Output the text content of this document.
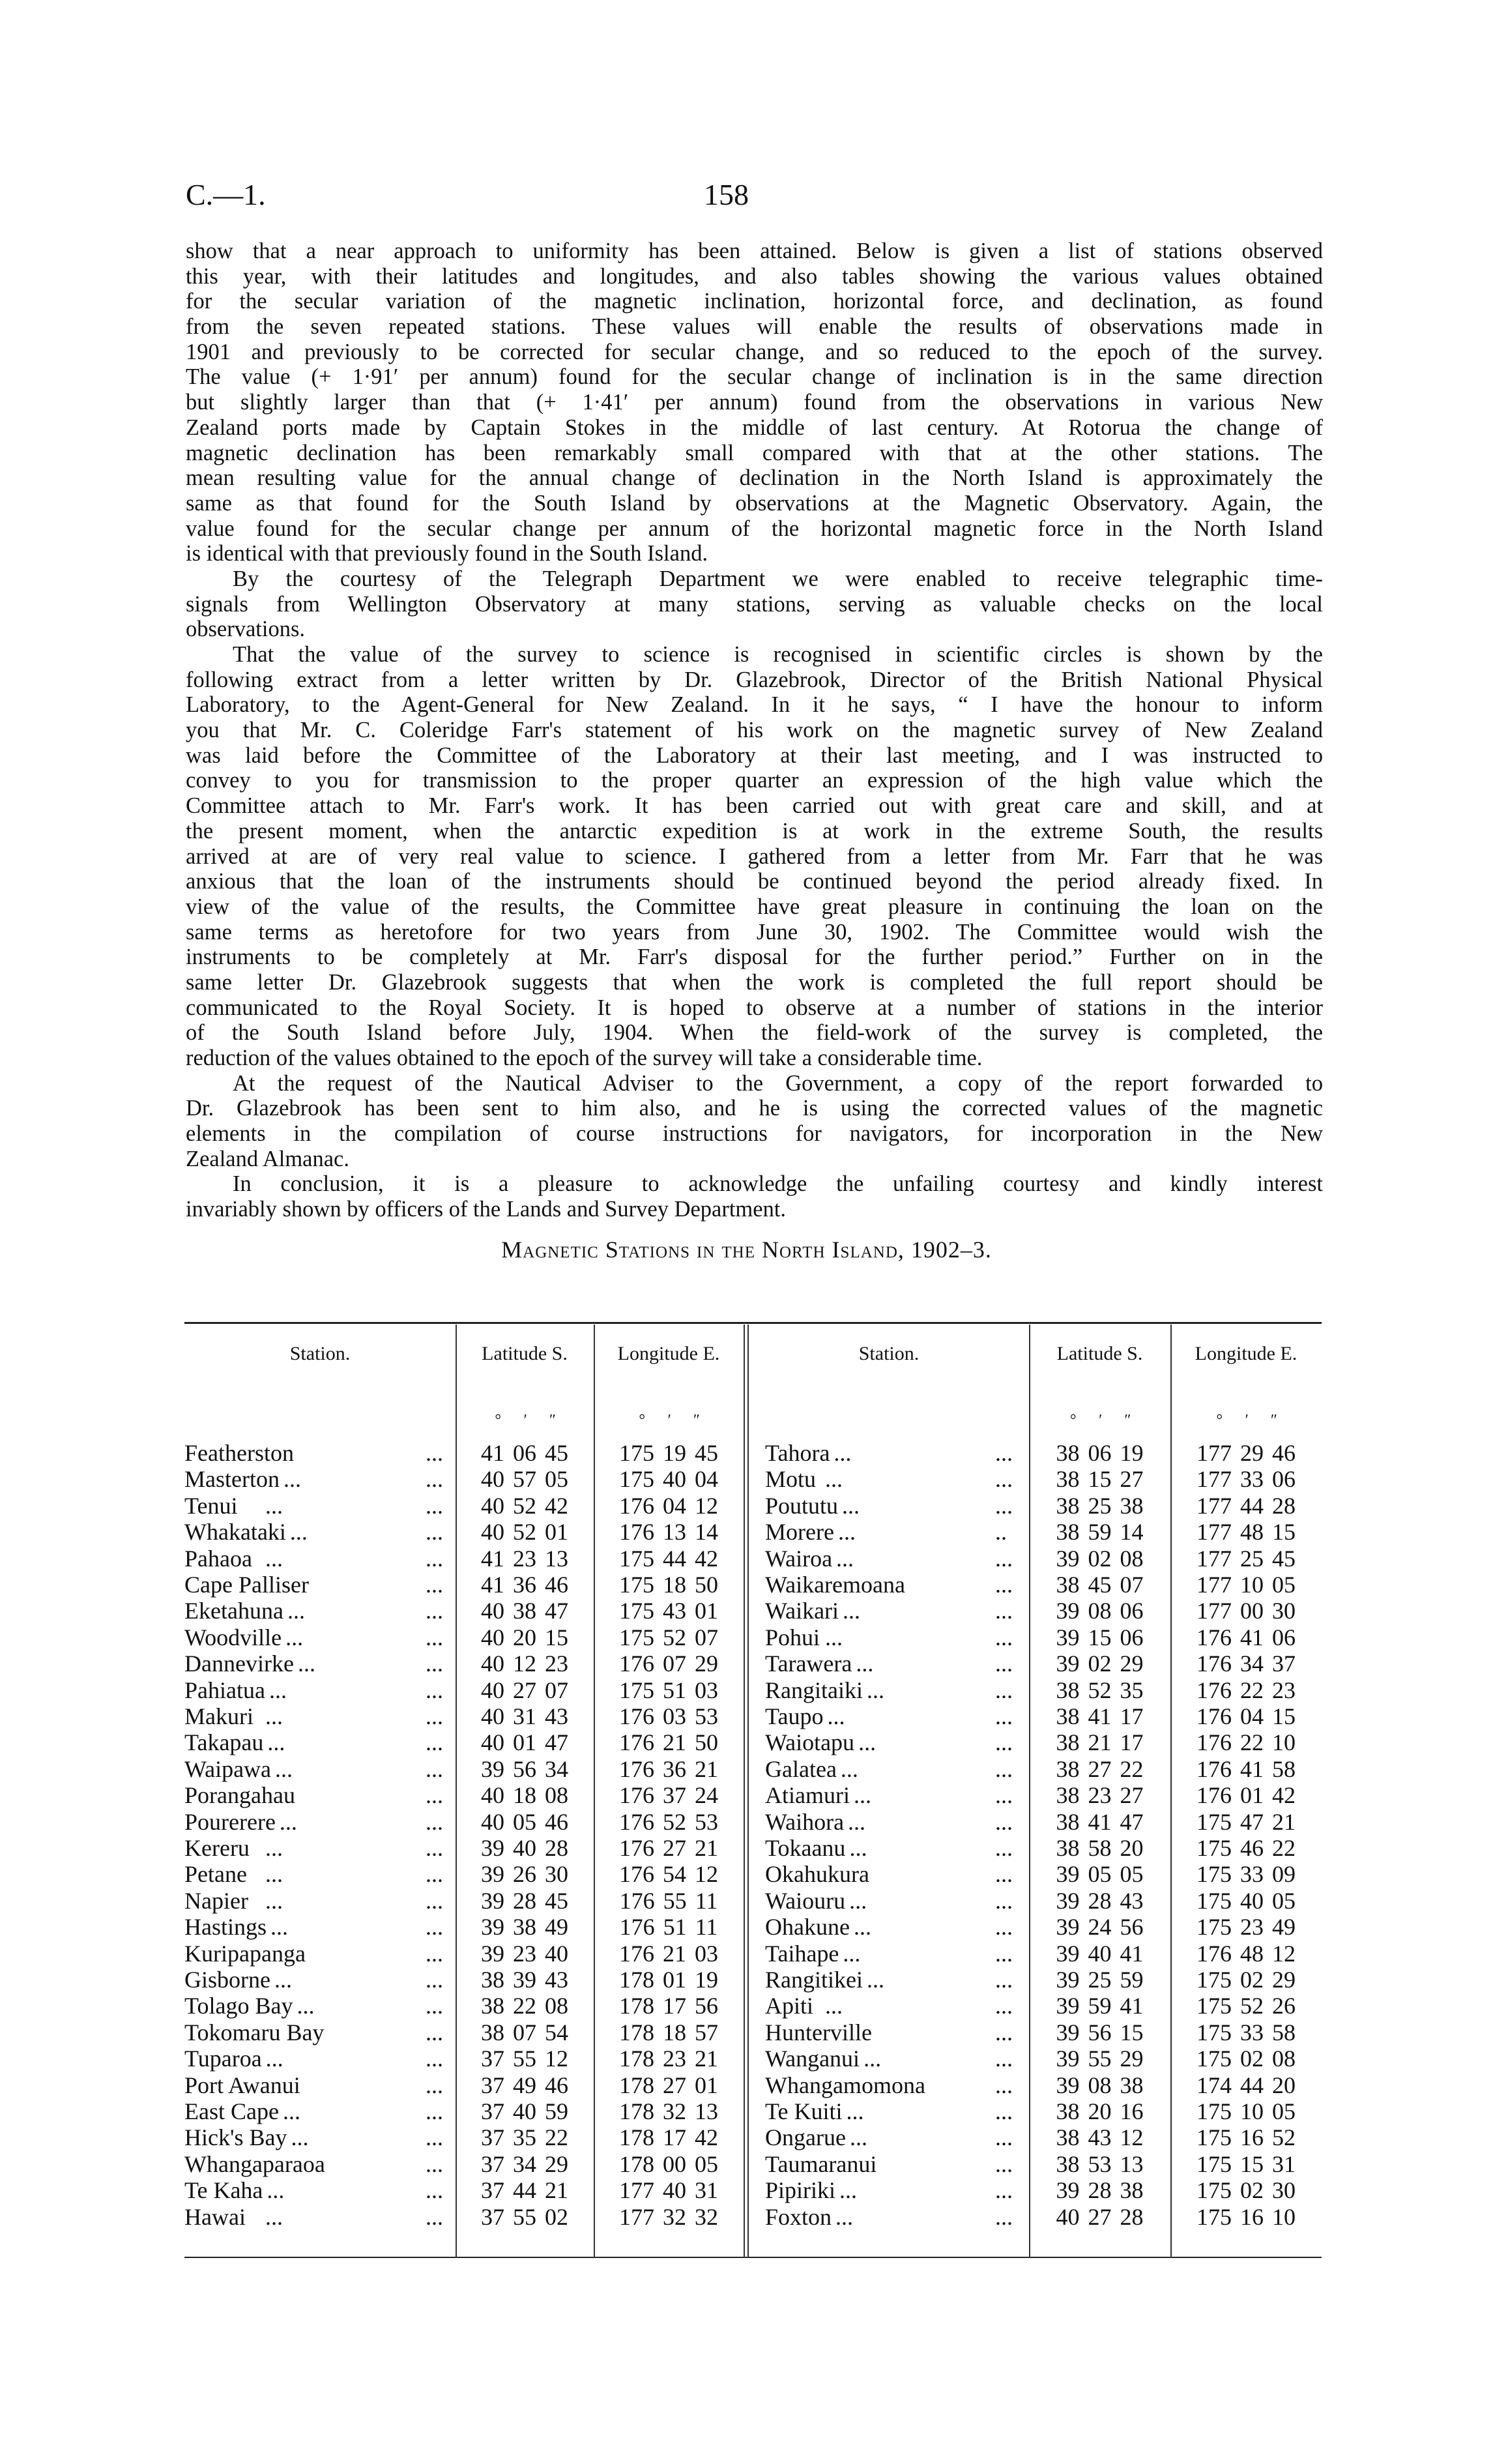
C.—1.	158
show that a near approach to uniformity has been attained. Below is given a list of stations observed
this year, with their latitudes and longitudes, and also tables showing the various values obtained
for the secular variation of the magnetic inclination, horizontal force, and declination, as found
from the seven repeated stations. These values will enable the results of observations made in
1901 and previously to be corrected for secular change, and so reduced to the epoch of the survey.
The value (+ 1·91′ per annum) found for the secular change of inclination is in the same direction
but slightly larger than that (+ 1·41′ per annum) found from the observations in various New
Zealand ports made by Captain Stokes in the middle of last century. At Rotorua the change of
magnetic declination has been remarkably small compared with that at the other stations. The
mean resulting value for the annual change of declination in the North Island is approximately the
same as that found for the South Island by observations at the Magnetic Observatory. Again, the
value found for the secular change per annum of the horizontal magnetic force in the North Island
is identical with that previously found in the South Island.
By the courtesy of the Telegraph Department we were enabled to receive telegraphic time-
signals from Wellington Observatory at many stations, serving as valuable checks on the local
observations.
That the value of the survey to science is recognised in scientific circles is shown by the
following extract from a letter written by Dr. Glazebrook, Director of the British National Physical
Laboratory, to the Agent-General for New Zealand. In it he says, “ I have the honour to inform
you that Mr. C. Coleridge Farr's statement of his work on the magnetic survey of New Zealand
was laid before the Committee of the Laboratory at their last meeting, and I was instructed to
convey to you for transmission to the proper quarter an expression of the high value which the
Committee attach to Mr. Farr's work. It has been carried out with great care and skill, and at
the present moment, when the antarctic expedition is at work in the extreme South, the results
arrived at are of very real value to science. I gathered from a letter from Mr. Farr that he was
anxious that the loan of the instruments should be continued beyond the period already fixed. In
view of the value of the results, the Committee have great pleasure in continuing the loan on the
same terms as heretofore for two years from June 30, 1902. The Committee would wish the
instruments to be completely at Mr. Farr's disposal for the further period.” Further on in the
same letter Dr. Glazebrook suggests that when the work is completed the full report should be
communicated to the Royal Society. It is hoped to observe at a number of stations in the interior
of the South Island before July, 1904. When the field-work of the survey is completed, the
reduction of the values obtained to the epoch of the survey will take a considerable time.
At the request of the Nautical Adviser to the Government, a copy of the report forwarded to
Dr. Glazebrook has been sent to him also, and he is using the corrected values of the magnetic
elements in the compilation of course instructions for navigators, for incorporation in the New
Zealand Almanac.
In conclusion, it is a pleasure to acknowledge the unfailing courtesy and kindly interest
invariably shown by officers of the Lands and Survey Department.
Magnetic Stations in the North Island, 1902–3.
Station.	Latitude S.	Longitude E.	Station.	Latitude S.	Longitude E.
° ′ ″	° ′ ″	° ′ ″	° ′ ″
Featherston	...	41 06 45	175 19 45
Masterton ...	...	40 57 05	175 40 04
Tenui ...	...	40 52 42	176 04 12
Whakataki ...	...	40 52 01	176 13 14
Pahaoa ...	...	41 23 13	175 44 42
Cape Palliser	...	41 36 46	175 18 50
Eketahuna ...	...	40 38 47	175 43 01
Woodville ...	...	40 20 15	175 52 07
Dannevirke ...	...	40 12 23	176 07 29
Pahiatua ...	...	40 27 07	175 51 03
Makuri ...	...	40 31 43	176 03 53
Takapau ...	...	40 01 47	176 21 50
Waipawa ...	...	39 56 34	176 36 21
Porangahau	...	40 18 08	176 37 24
Pourerere ...	...	40 05 46	176 52 53
Kereru ...	...	39 40 28	176 27 21
Petane ...	...	39 26 30	176 54 12
Napier ...	...	39 28 45	176 55 11
Hastings ...	...	39 38 49	176 51 11
Kuripapanga	...	39 23 40	176 21 03
Gisborne ...	...	38 39 43	178 01 19
Tolago Bay ...	...	38 22 08	178 17 56
Tokomaru Bay	...	38 07 54	178 18 57
Tuparoa ...	...	37 55 12	178 23 21
Port Awanui	...	37 49 46	178 27 01
East Cape ...	...	37 40 59	178 32 13
Hick's Bay ...	...	37 35 22	178 17 42
Whangaparaoa	...	37 34 29	178 00 05
Te Kaha ...	...	37 44 21	177 40 31
Hawai ...	...	37 55 02	177 32 32
Tahora ...	...	38 06 19	177 29 46
Motu ...	...	38 15 27	177 33 06
Poututu ...	...	38 25 38	177 44 28
Morere ...	..	38 59 14	177 48 15
Wairoa ...	...	39 02 08	177 25 45
Waikaremoana	...	38 45 07	177 10 05
Waikari ...	...	39 08 06	177 00 30
Pohui ...	...	39 15 06	176 41 06
Tarawera ...	...	39 02 29	176 34 37
Rangitaiki ...	...	38 52 35	176 22 23
Taupo ...	...	38 41 17	176 04 15
Waiotapu ...	...	38 21 17	176 22 10
Galatea ...	...	38 27 22	176 41 58
Atiamuri ...	...	38 23 27	176 01 42
Waihora ...	...	38 41 47	175 47 21
Tokaanu ...	...	38 58 20	175 46 22
Okahukura	...	39 05 05	175 33 09
Waiouru ...	...	39 28 43	175 40 05
Ohakune ...	...	39 24 56	175 23 49
Taihape ...	...	39 40 41	176 48 12
Rangitikei ...	...	39 25 59	175 02 29
Apiti ...	...	39 59 41	175 52 26
Hunterville	...	39 56 15	175 33 58
Wanganui ...	...	39 55 29	175 02 08
Whangamomona	...	39 08 38	174 44 20
Te Kuiti ...	...	38 20 16	175 10 05
Ongarue ...	...	38 43 12	175 16 52
Taumaranui	...	38 53 13	175 15 31
Pipiriki ...	...	39 28 38	175 02 30
Foxton ...	...	40 27 28	175 16 10
